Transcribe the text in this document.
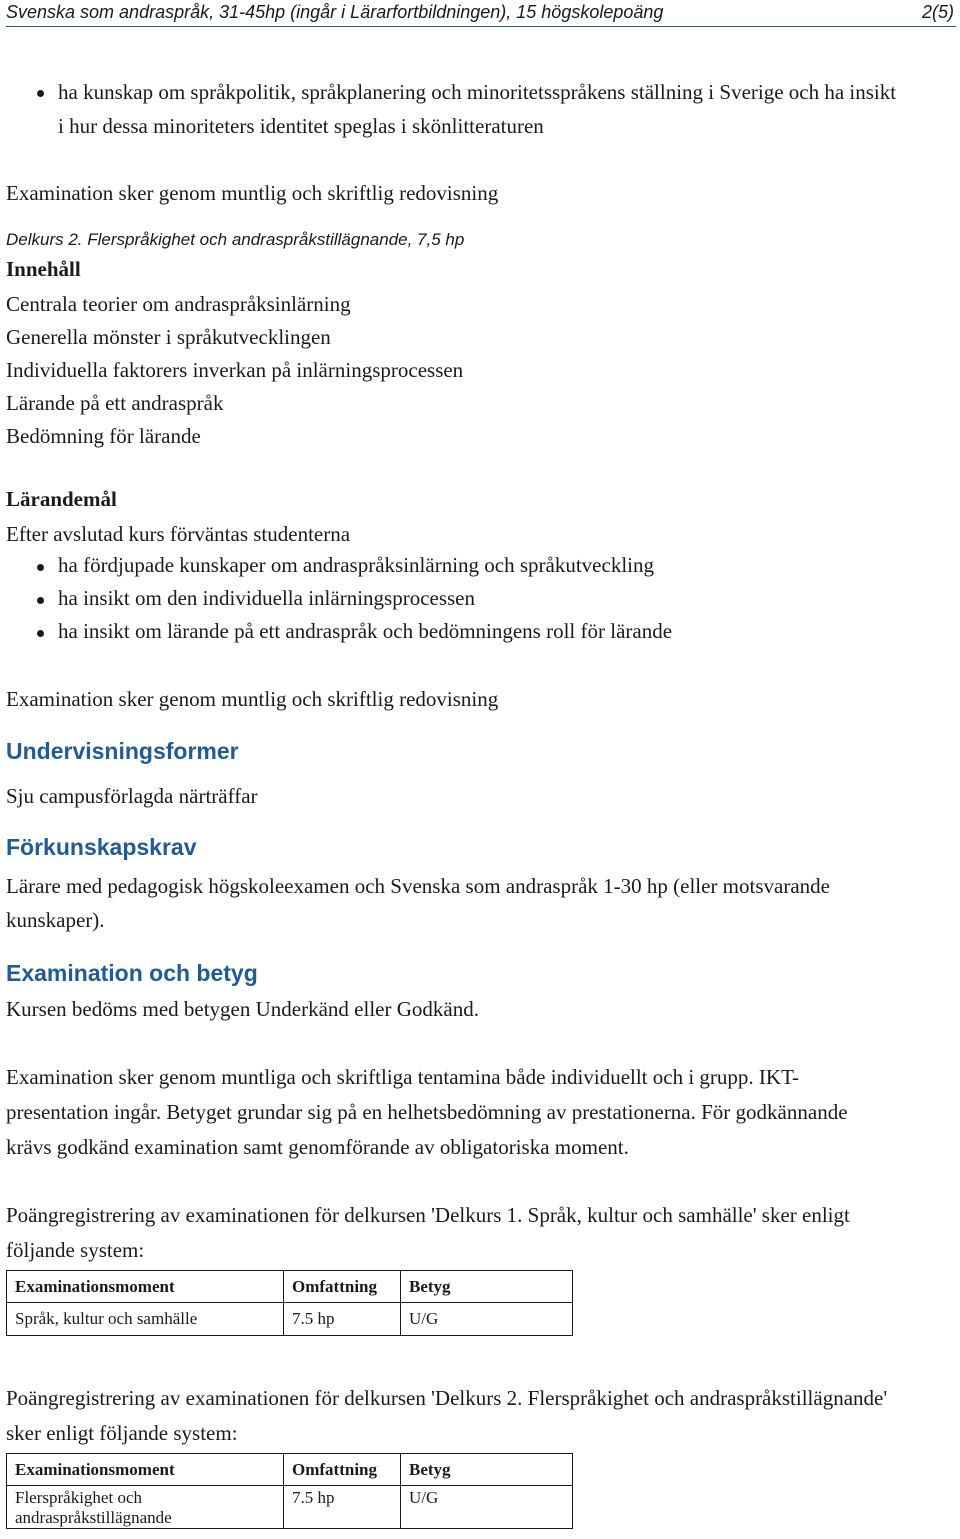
Svenska som andraspråk, 31-45hp (ingår i Lärarfortbildningen), 15 högskolepoäng	2(5)
ha kunskap om språkpolitik, språkplanering och minoritetsspråkens ställning i Sverige och ha insikt
i hur dessa minoriteters identitet speglas i skönlitteraturen
Examination sker genom muntlig och skriftlig redovisning
Delkurs 2. Flerspråkighet och andraspråkstillägnande, 7,5 hp
Innehåll
Centrala teorier om andraspråksinlärning
Generella mönster i språkutvecklingen
Individuella faktorers inverkan på inlärningsprocessen
Lärande på ett andraspråk
Bedömning för lärande
Lärandemål
Efter avslutad kurs förväntas studenterna
ha fördjupade kunskaper om andraspråksinlärning och språkutveckling
ha insikt om den individuella inlärningsprocessen
ha insikt om lärande på ett andraspråk och bedömningens roll för lärande
Examination sker genom muntlig och skriftlig redovisning
Undervisningsformer
Sju campusförlagda närträffar
Förkunskapskrav
Lärare med pedagogisk högskoleexamen och Svenska som andraspråk 1-30 hp (eller motsvarande
kunskaper).
Examination och betyg
Kursen bedöms med betygen Underkänd eller Godkänd.
Examination sker genom muntliga och skriftliga tentamina både individuellt och i grupp. IKT-
presentation ingår. Betyget grundar sig på en helhetsbedömning av prestationerna. För godkännande
krävs godkänd examination samt genomförande av obligatoriska moment.
Poängregistrering av examinationen för delkursen 'Delkurs 1. Språk, kultur och samhälle' sker enligt
följande system:
Examinationsmoment	Omfattning	Betyg
Språk, kultur och samhälle	7.5 hp	U/G
Poängregistrering av examinationen för delkursen 'Delkurs 2. Flerspråkighet och andraspråkstillägnande'
sker enligt följande system:
Examinationsmoment	Omfattning	Betyg
Flerspråkighet och
andraspråkstillägnande	7.5 hp	U/G
